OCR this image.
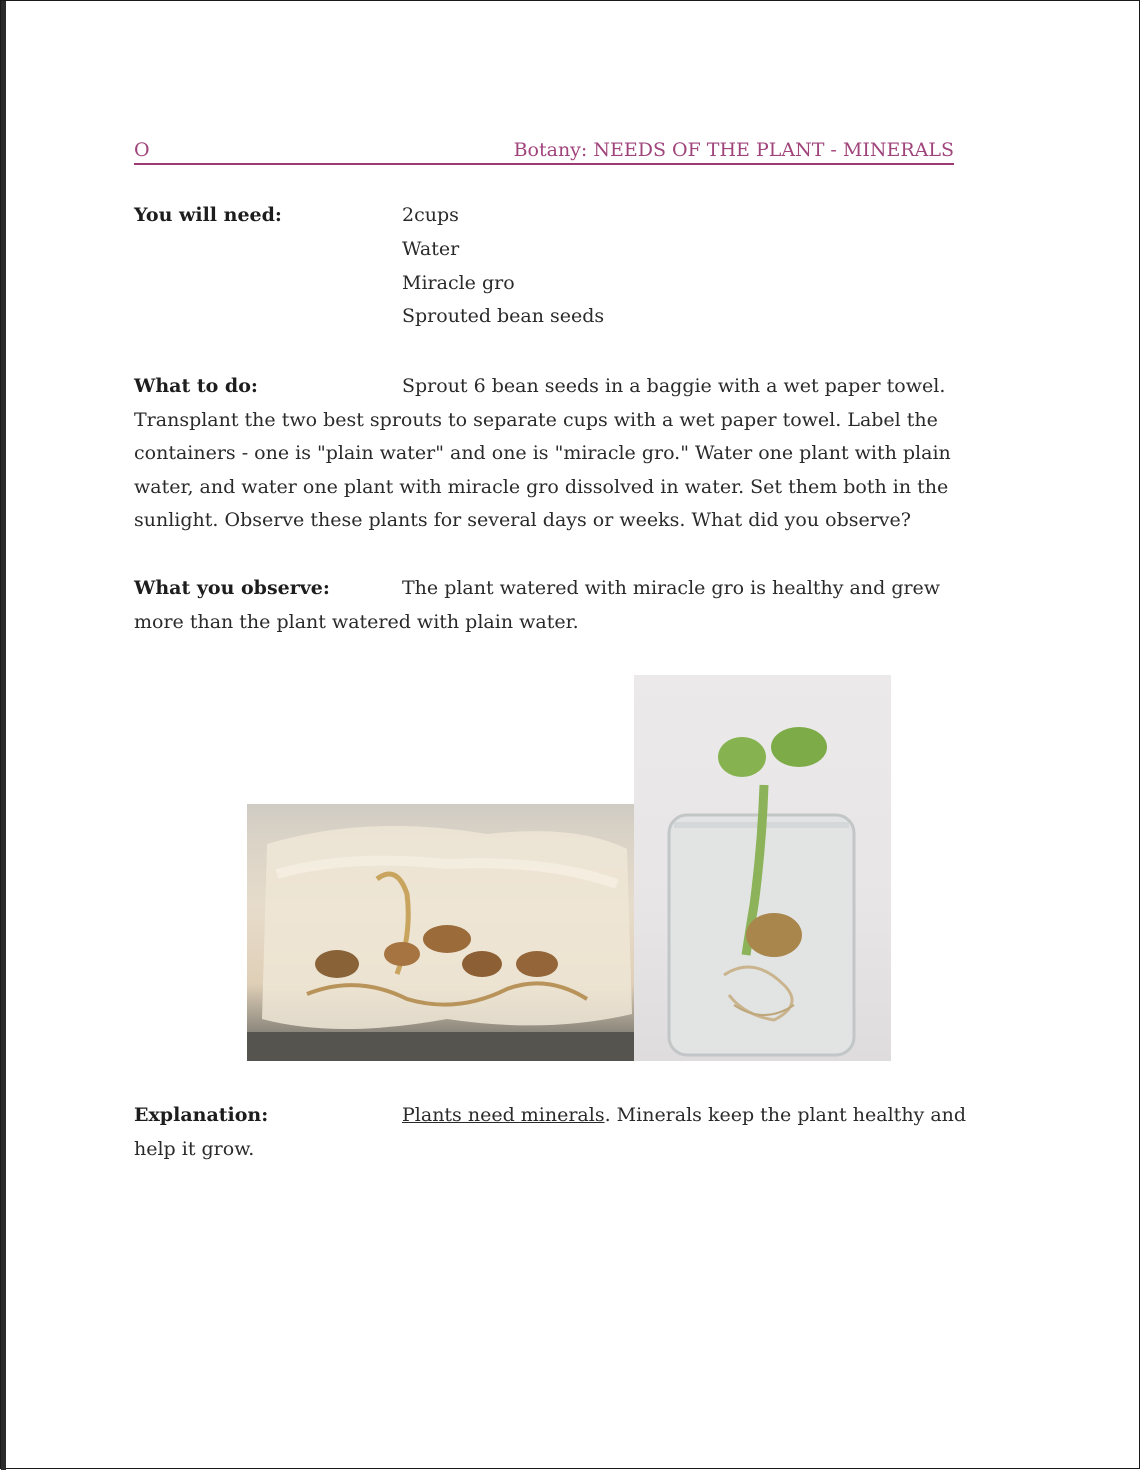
O	Botany: NEEDS OF THE PLANT - MINERALS
You will need:	2cups
Water
Miracle gro
Sprouted bean seeds
What to do:	Sprout 6 bean seeds in a baggie with a wet paper towel. Transplant the two best sprouts to separate cups with a wet paper towel. Label the containers - one is "plain water" and one is "miracle gro." Water one plant with plain water, and water one plant with miracle gro dissolved in water. Set them both in the sunlight. Observe these plants for several days or weeks. What did you observe?
What you observe:	The plant watered with miracle gro is healthy and grew more than the plant watered with plain water.
Explanation:	Plants need minerals. Minerals keep the plant healthy and help it grow.
